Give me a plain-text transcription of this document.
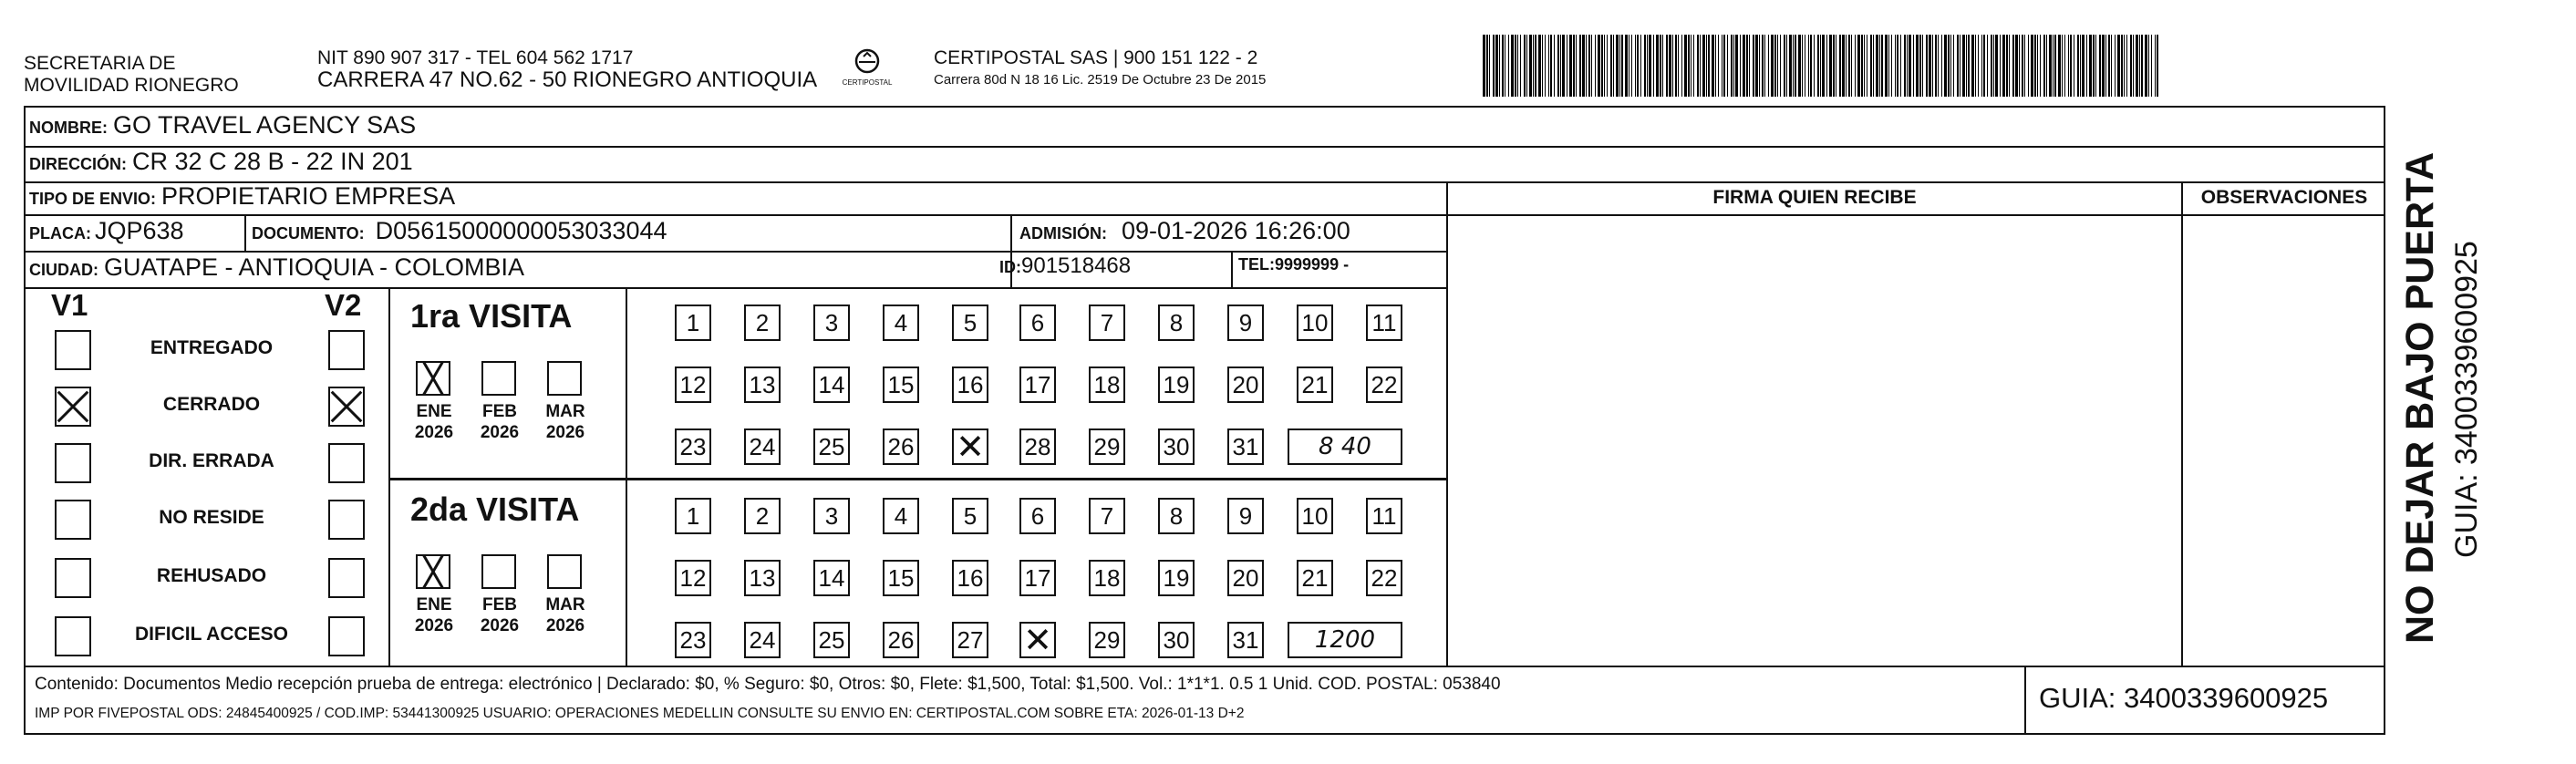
SECRETARIA DE
MOVILIDAD RIONEGRO
NIT 890 907 317 - TEL 604 562 1717
CARRERA 47 NO.62 - 50 RIONEGRO ANTIOQUIA	CERTIPOSTAL
CERTIPOSTAL SAS | 900 151 122 - 2
Carrera 80d N 18 16 Lic. 2519 De Octubre 23 De 2015
NOMBRE: GO TRAVEL AGENCY SAS
DIRECCIÓN: CR 32 C 28 B - 22 IN 201
TIPO DE ENVIO: PROPIETARIO EMPRESA
PLACA: JQP638	DOCUMENTO: D05615000000053033044	ADMISIÓN: 09-01-2026 16:26:00
CIUDAD: GUATAPE - ANTIOQUIA - COLOMBIA	ID: 901518468	TEL: 9999999 -
FIRMA QUIEN RECIBE	OBSERVACIONES
V1	V2
ENTREGADO
CERRADO
DIR. ERRADA
NO RESIDE
REHUSADO
DIFICIL ACCESO
1ra VISITA
ENE
2026
FEB
2026
MAR
2026
1	2	3	4	5	6	7	8	9	10 11
12 13 14 15 16 17 18 19 20 21 22
23 24 25 26 ✕	28 29 30 31	8 40
2da VISITA
ENE
2026
FEB
2026
MAR
2026
1	2	3	4	5	6	7	8	9	10 11
12 13 14 15 16 17 18 19 20 21 22
23 24 25 26 27 ✕	29 30 31	1200
Contenido: Documentos Medio recepción prueba de entrega: electrónico | Declarado: $0, % Seguro: $0, Otros: $0, Flete: $1,500, Total: $1,500. Vol.: 1*1*1. 0.5 1 Unid. COD. POSTAL: 053840
IMP POR FIVEPOSTAL ODS: 24845400925 / COD.IMP: 53441300925 USUARIO: OPERACIONES MEDELLIN CONSULTE SU ENVIO EN: CERTIPOSTAL.COM SOBRE ETA: 2026-01-13 D+2	GUIA: 3400339600925
NO DEJAR BAJO PUERTA GUIA: 3400339600925
